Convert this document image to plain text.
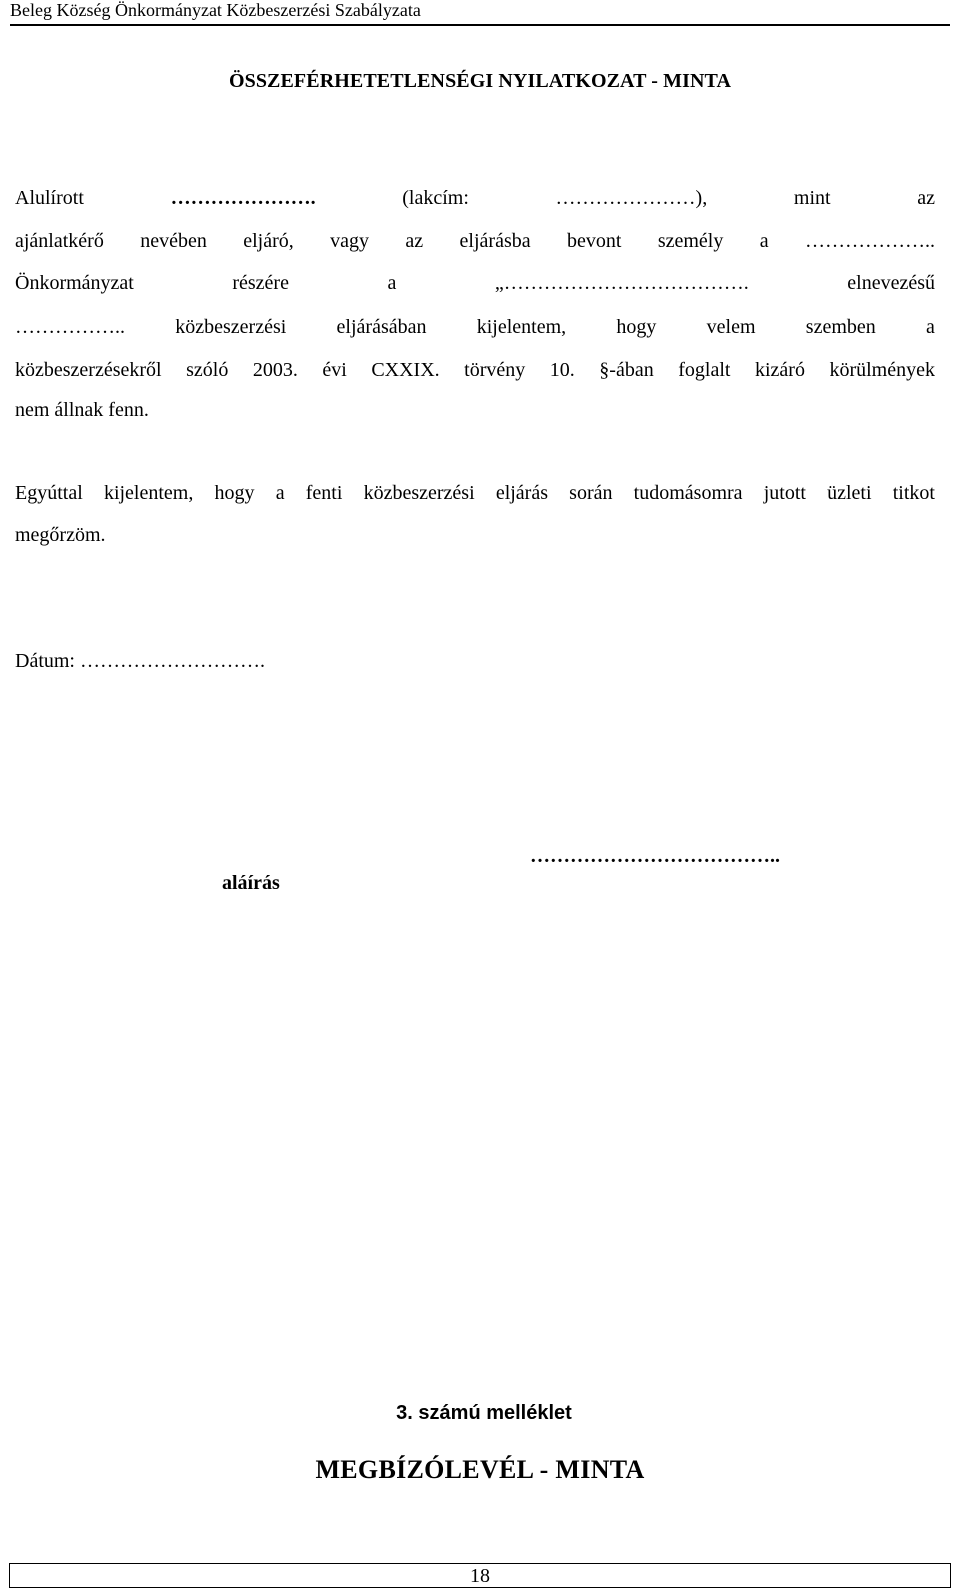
Beleg Község Önkormányzat Közbeszerzési Szabályzata
ÖSSZEFÉRHETETLENSÉGI NYILATKOZAT - MINTA
Alulírott	………………….	(lakcím:	…………………),	mint	az
ajánlatkérő nevében eljáró, vagy az eljárásba bevont személy a ………………..
Önkormányzat	részére	a	„……………………………….	elnevezésű
……………..	közbeszerzési	eljárásában	kijelentem,	hogy	velem	szemben	a
közbeszerzésekről szóló 2003. évi CXXIX. törvény 10. §-ában foglalt kizáró körülmények
nem állnak fenn.
Egyúttal kijelentem, hogy a fenti közbeszerzési eljárás során tudomásomra jutott üzleti titkot
megőrzöm.
Dátum: ……………………….
………………………………..
aláírás
3. számú melléklet
MEGBÍZÓLEVÉL - MINTA
18
